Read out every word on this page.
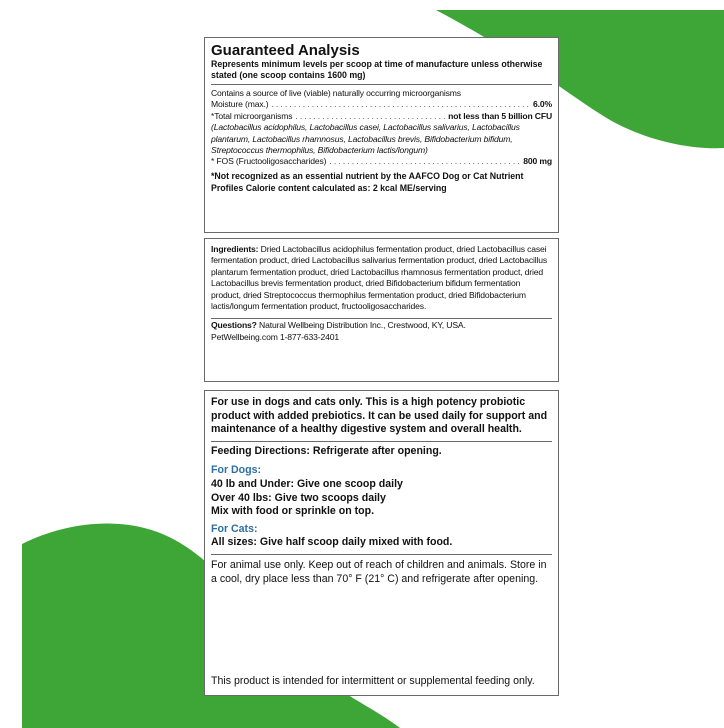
Guaranteed Analysis
Represents minimum levels per scoop at time of manufacture unless otherwise stated (one scoop contains 1600 mg)
Contains a source of live (viable) naturally occurring microorganisms
Moisture (max.) . . .	6.0%
*Total microorganisms . . .	not less than 5 billion CFU
(Lactobacillus acidophilus, Lactobacillus casei, Lactobacillus salivarius, Lactobacillus plantarum, Lactobacillus rhamnosus, Lactobacillus brevis, Bifidobacterium bifidum, Streptococcus thermophilus, Bifidobacterium lactis/longum)
* FOS (Fructooligosaccharides) . . .	800 mg
*Not recognized as an essential nutrient by the AAFCO Dog or Cat Nutrient Profiles Calorie content calculated as: 2 kcal ME/serving
Ingredients: Dried Lactobacillus acidophilus fermentation product, dried Lactobacillus casei fermentation product, dried Lactobacillus salivarius fermentation product, dried Lactobacillus plantarum fermentation product, dried Lactobacillus rhamnosus fermentation product, dried Lactobacillus brevis fermentation product, dried Bifidobacterium bifidum fermentation product, dried Streptococcus thermophilus fermentation product, dried Bifidobacterium lactis/longum fermentation product, fructooligosaccharides.
Questions? Natural Wellbeing Distribution Inc., Crestwood, KY, USA.
PetWellbeing.com 1-877-633-2401
For use in dogs and cats only. This is a high potency probiotic product with added prebiotics. It can be used daily for support and maintenance of a healthy digestive system and overall health.
Feeding Directions: Refrigerate after opening.
For Dogs:
40 lb and Under: Give one scoop daily
Over 40 lbs: Give two scoops daily
Mix with food or sprinkle on top.
For Cats:
All sizes: Give half scoop daily mixed with food.
For animal use only. Keep out of reach of children and animals. Store in a cool, dry place less than 70° F (21° C) and refrigerate after opening.
This product is intended for intermittent or supplemental feeding only.
